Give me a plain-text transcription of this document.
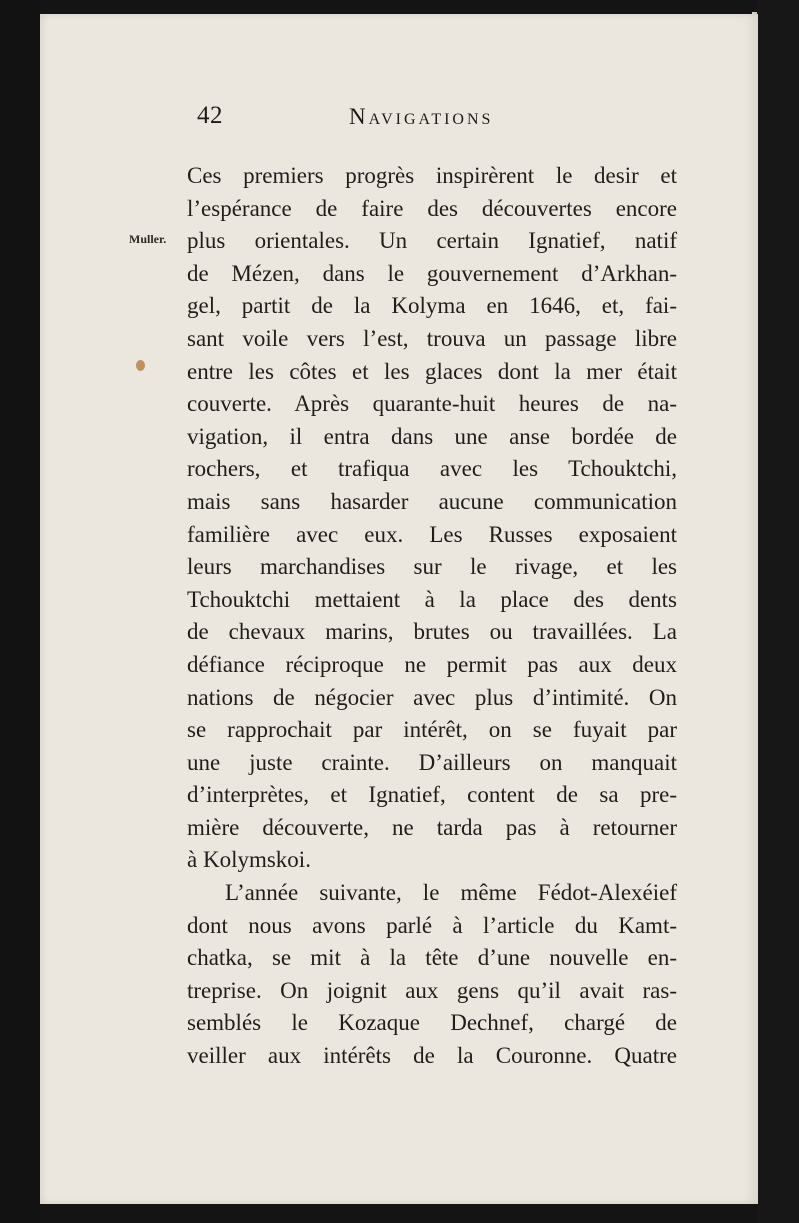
42	Navigations
Muller.
Ces premiers progrès inspirèrent le desir et
l’espérance de faire des découvertes encore
plus orientales. Un certain Ignatief, natif
de Mézen, dans le gouvernement d’Arkhan-
gel, partit de la Kolyma en 1646, et, fai-
sant voile vers l’est, trouva un passage libre
entre les côtes et les glaces dont la mer était
couverte. Après quarante-huit heures de na-
vigation, il entra dans une anse bordée de
rochers, et trafiqua avec les Tchouktchi,
mais sans hasarder aucune communication
familière avec eux. Les Russes exposaient
leurs marchandises sur le rivage, et les
Tchouktchi mettaient à la place des dents
de chevaux marins, brutes ou travaillées. La
défiance réciproque ne permit pas aux deux
nations de négocier avec plus d’intimité. On
se rapprochait par intérêt, on se fuyait par
une juste crainte. D’ailleurs on manquait
d’interprètes, et Ignatief, content de sa pre-
mière découverte, ne tarda pas à retourner
à Kolymskoi.
L’année suivante, le même Fédot-Alexéief
dont nous avons parlé à l’article du Kamt-
chatka, se mit à la tête d’une nouvelle en-
treprise. On joignit aux gens qu’il avait ras-
semblés le Kozaque Dechnef, chargé de
veiller aux intérêts de la Couronne. Quatre
